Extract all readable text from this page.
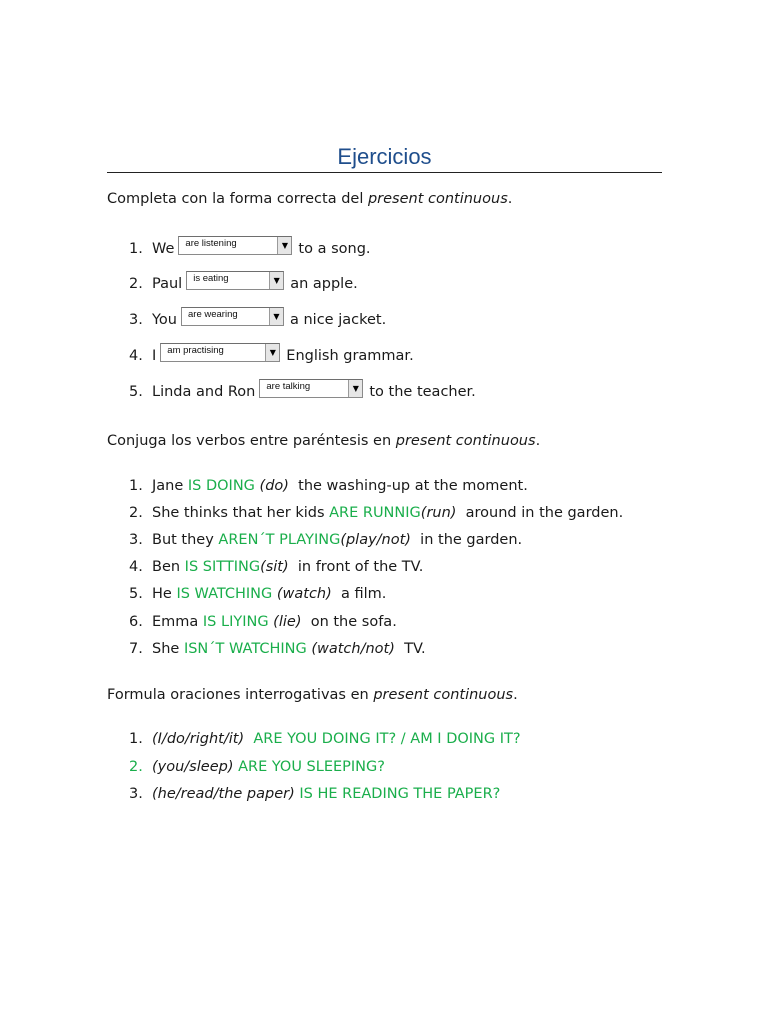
Ejercicios
Completa con la forma correcta del present continuous.
1. We are listening	▼ to a song.
2. Paul is eating	▼ an apple.
3. You are wearing	▼ a nice jacket.
4. I am practising	▼ English grammar.
5. Linda and Ron are talking	▼ to the teacher.
Conjuga los verbos entre paréntesis en present continuous.
1. Jane IS DOING (do) the washing-up at the moment.
2. She thinks that her kids ARE RUNNIG (run) around in the garden.
3. But they AREN´T PLAYING (play/not) in the garden.
4. Ben IS SITTING (sit) in front of the TV.
5. He IS WATCHING (watch) a film.
6. Emma IS LIYING (lie) on the sofa.
7. She ISN´T WATCHING (watch/not) TV.
Formula oraciones interrogativas en present continuous.
1. (I/do/right/it) ARE YOU DOING IT? / AM I DOING IT?
2. (you/sleep) ARE YOU SLEEPING?
3. (he/read/the paper) IS HE READING THE PAPER?
